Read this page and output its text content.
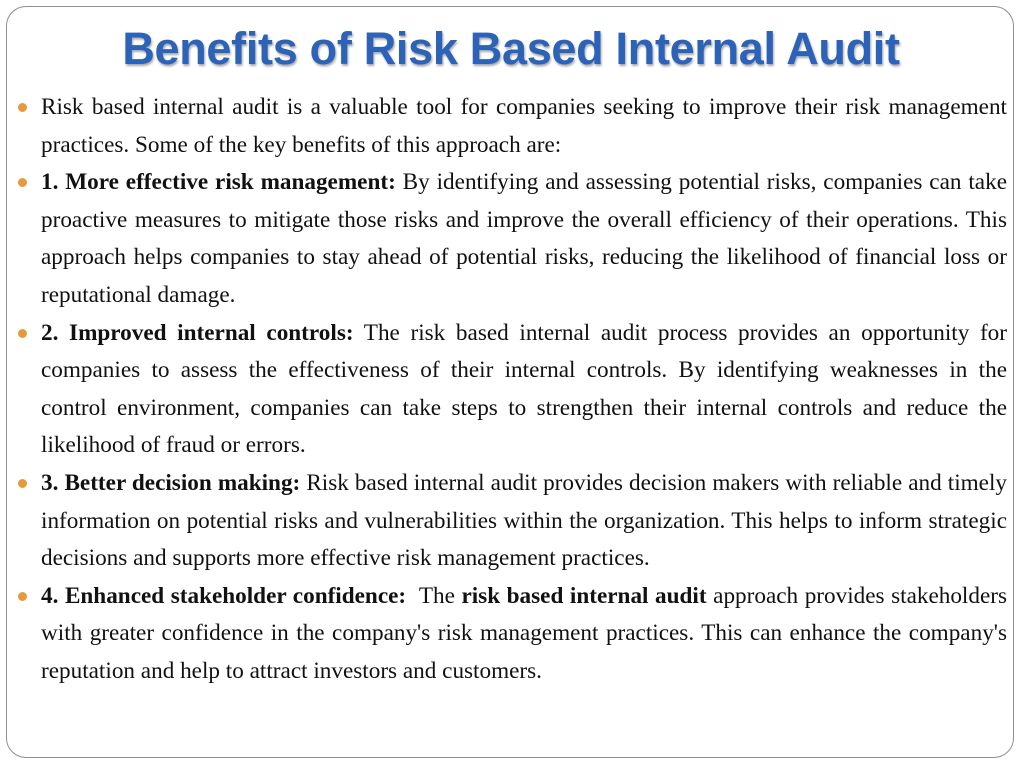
Benefits of Risk Based Internal Audit
Risk based internal audit is a valuable tool for companies seeking to improve their risk management practices. Some of the key benefits of this approach are:
1. More effective risk management: By identifying and assessing potential risks, companies can take proactive measures to mitigate those risks and improve the overall efficiency of their operations. This approach helps companies to stay ahead of potential risks, reducing the likelihood of financial loss or reputational damage.
2. Improved internal controls: The risk based internal audit process provides an opportunity for companies to assess the effectiveness of their internal controls. By identifying weaknesses in the control environment, companies can take steps to strengthen their internal controls and reduce the likelihood of fraud or errors.
3. Better decision making: Risk based internal audit provides decision makers with reliable and timely information on potential risks and vulnerabilities within the organization. This helps to inform strategic decisions and supports more effective risk management practices.
4. Enhanced stakeholder confidence:  The risk based internal audit approach provides stakeholders with greater confidence in the company's risk management practices. This can enhance the company's reputation and help to attract investors and customers.
